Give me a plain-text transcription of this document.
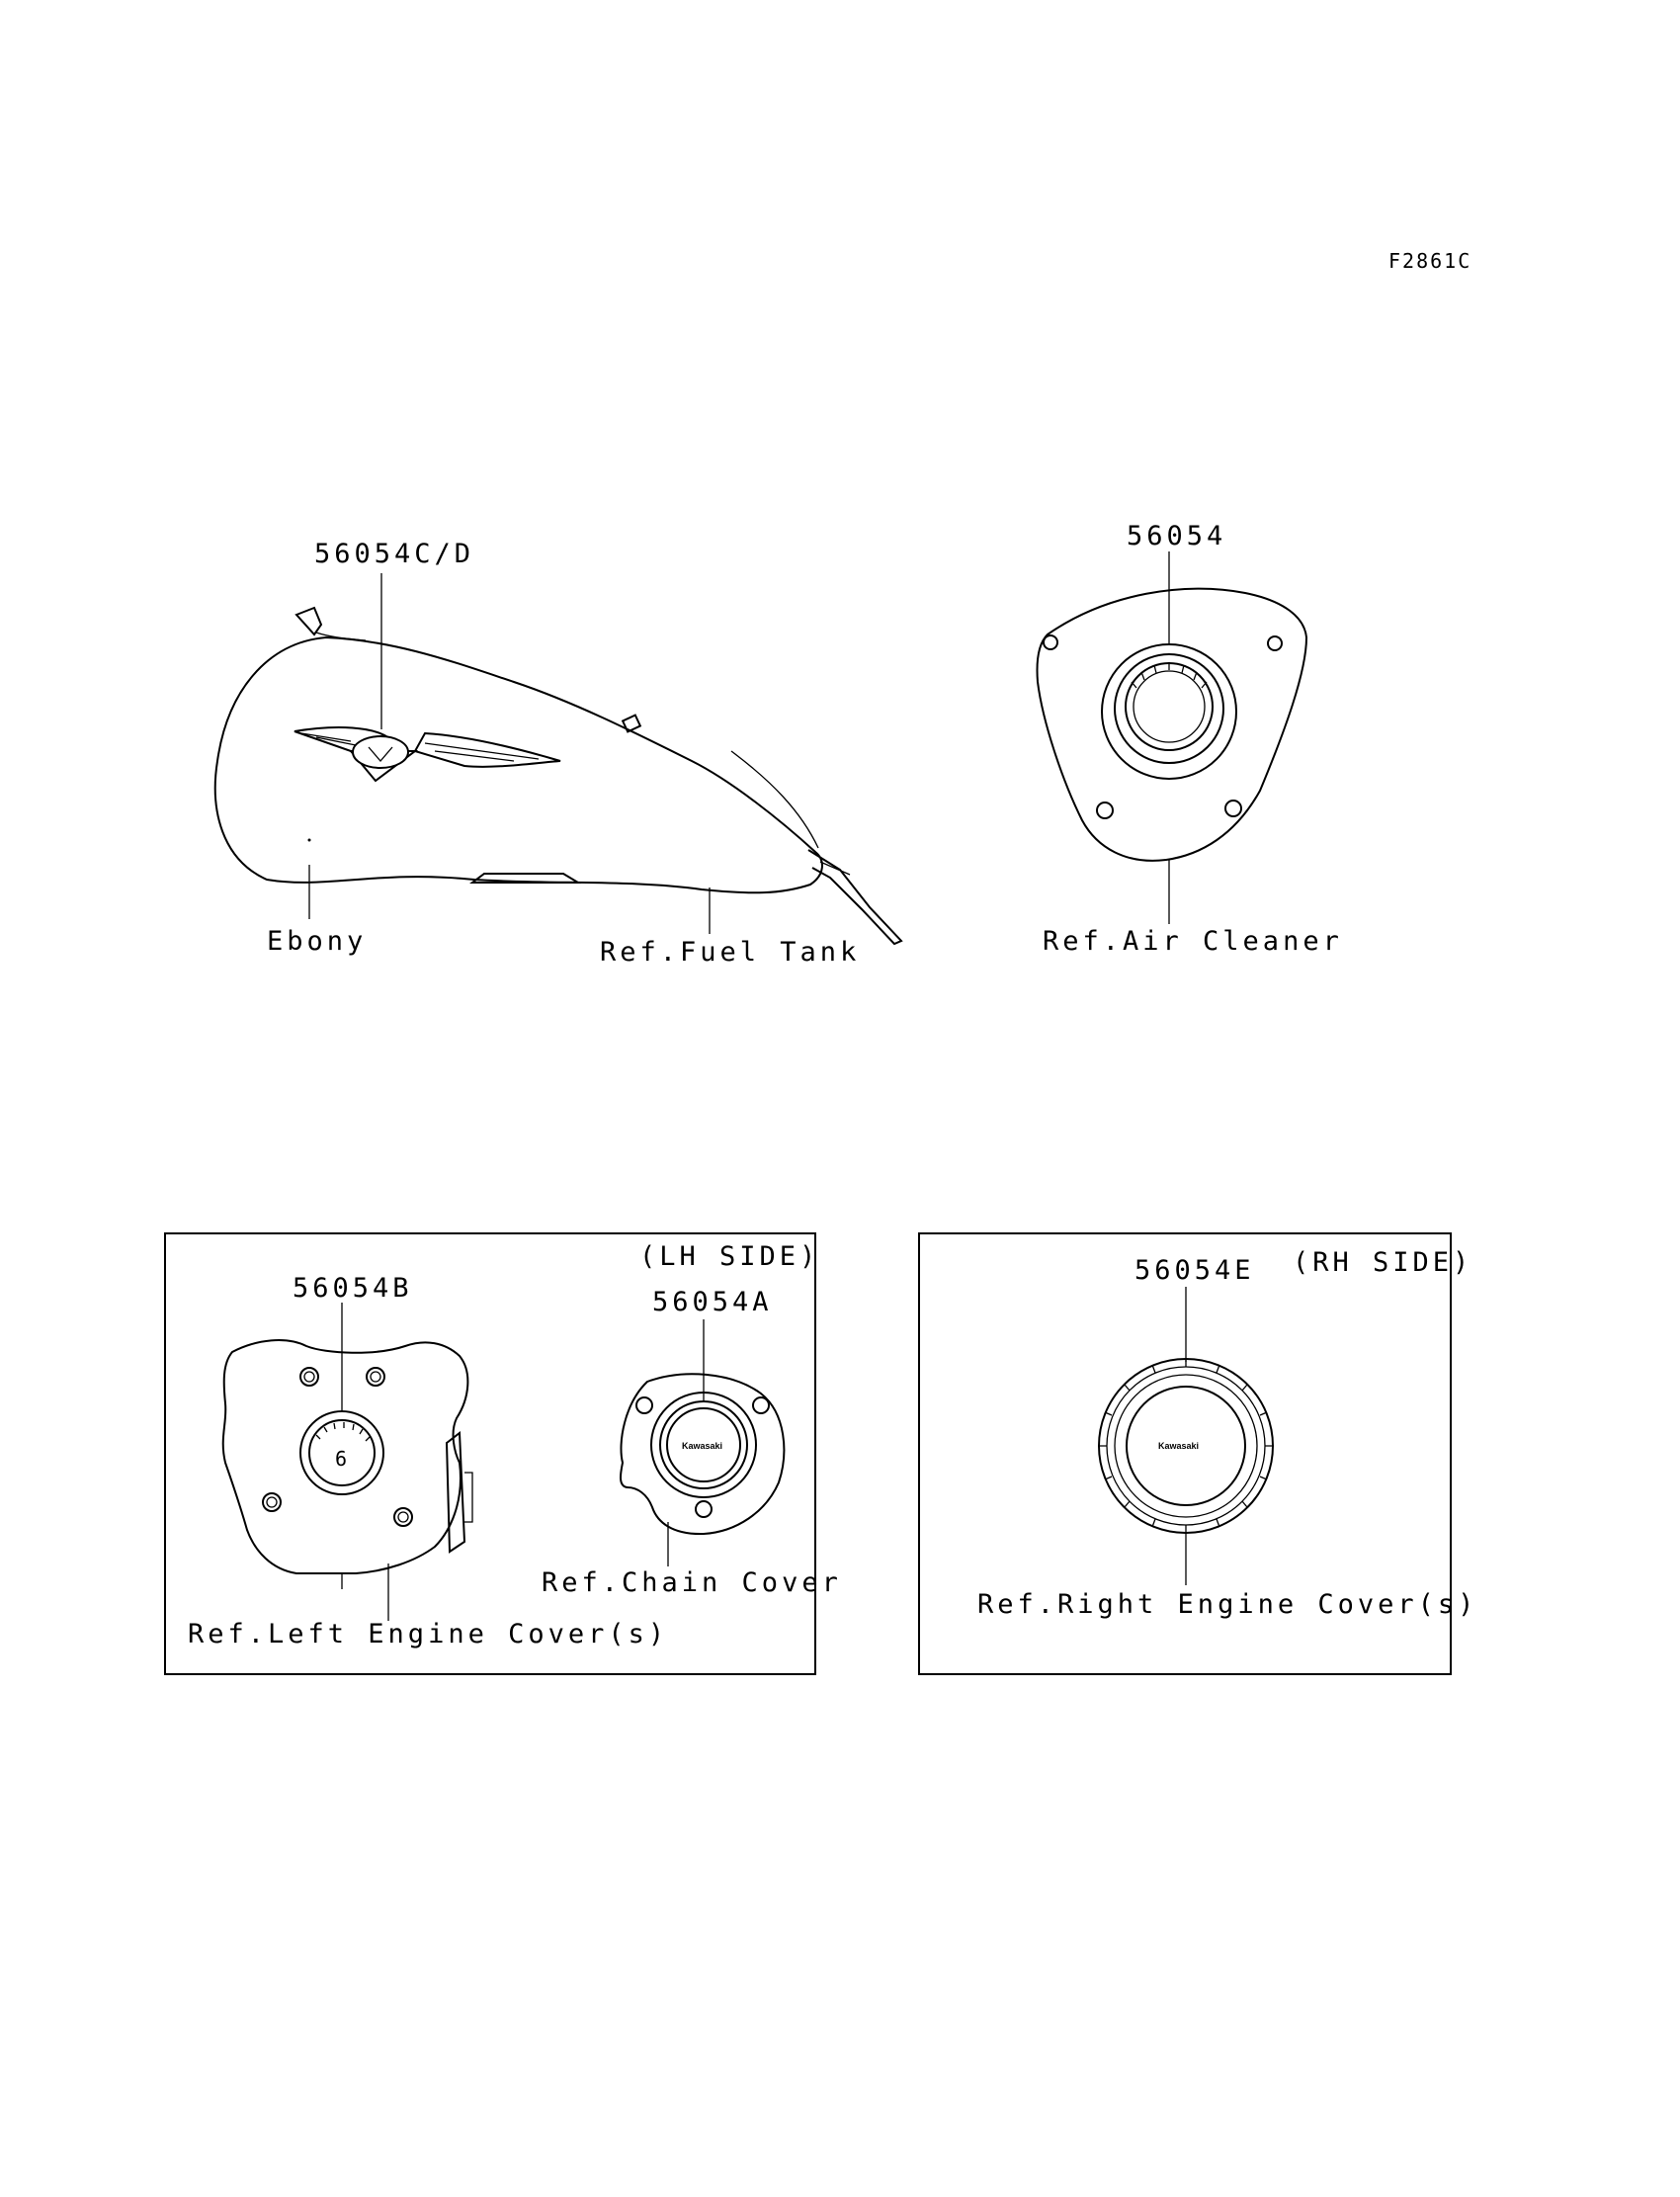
F2861C
56054C/D
Ebony	Ref.Fuel Tank
56054
Ref.Air Cleaner
(LH SIDE)
6
56054B
Ref.Left Engine Cover(s)
Kawasaki
56054A
Ref.Chain Cover
(RH SIDE)
Kawasaki
56054E
Ref.Right Engine Cover(s)
